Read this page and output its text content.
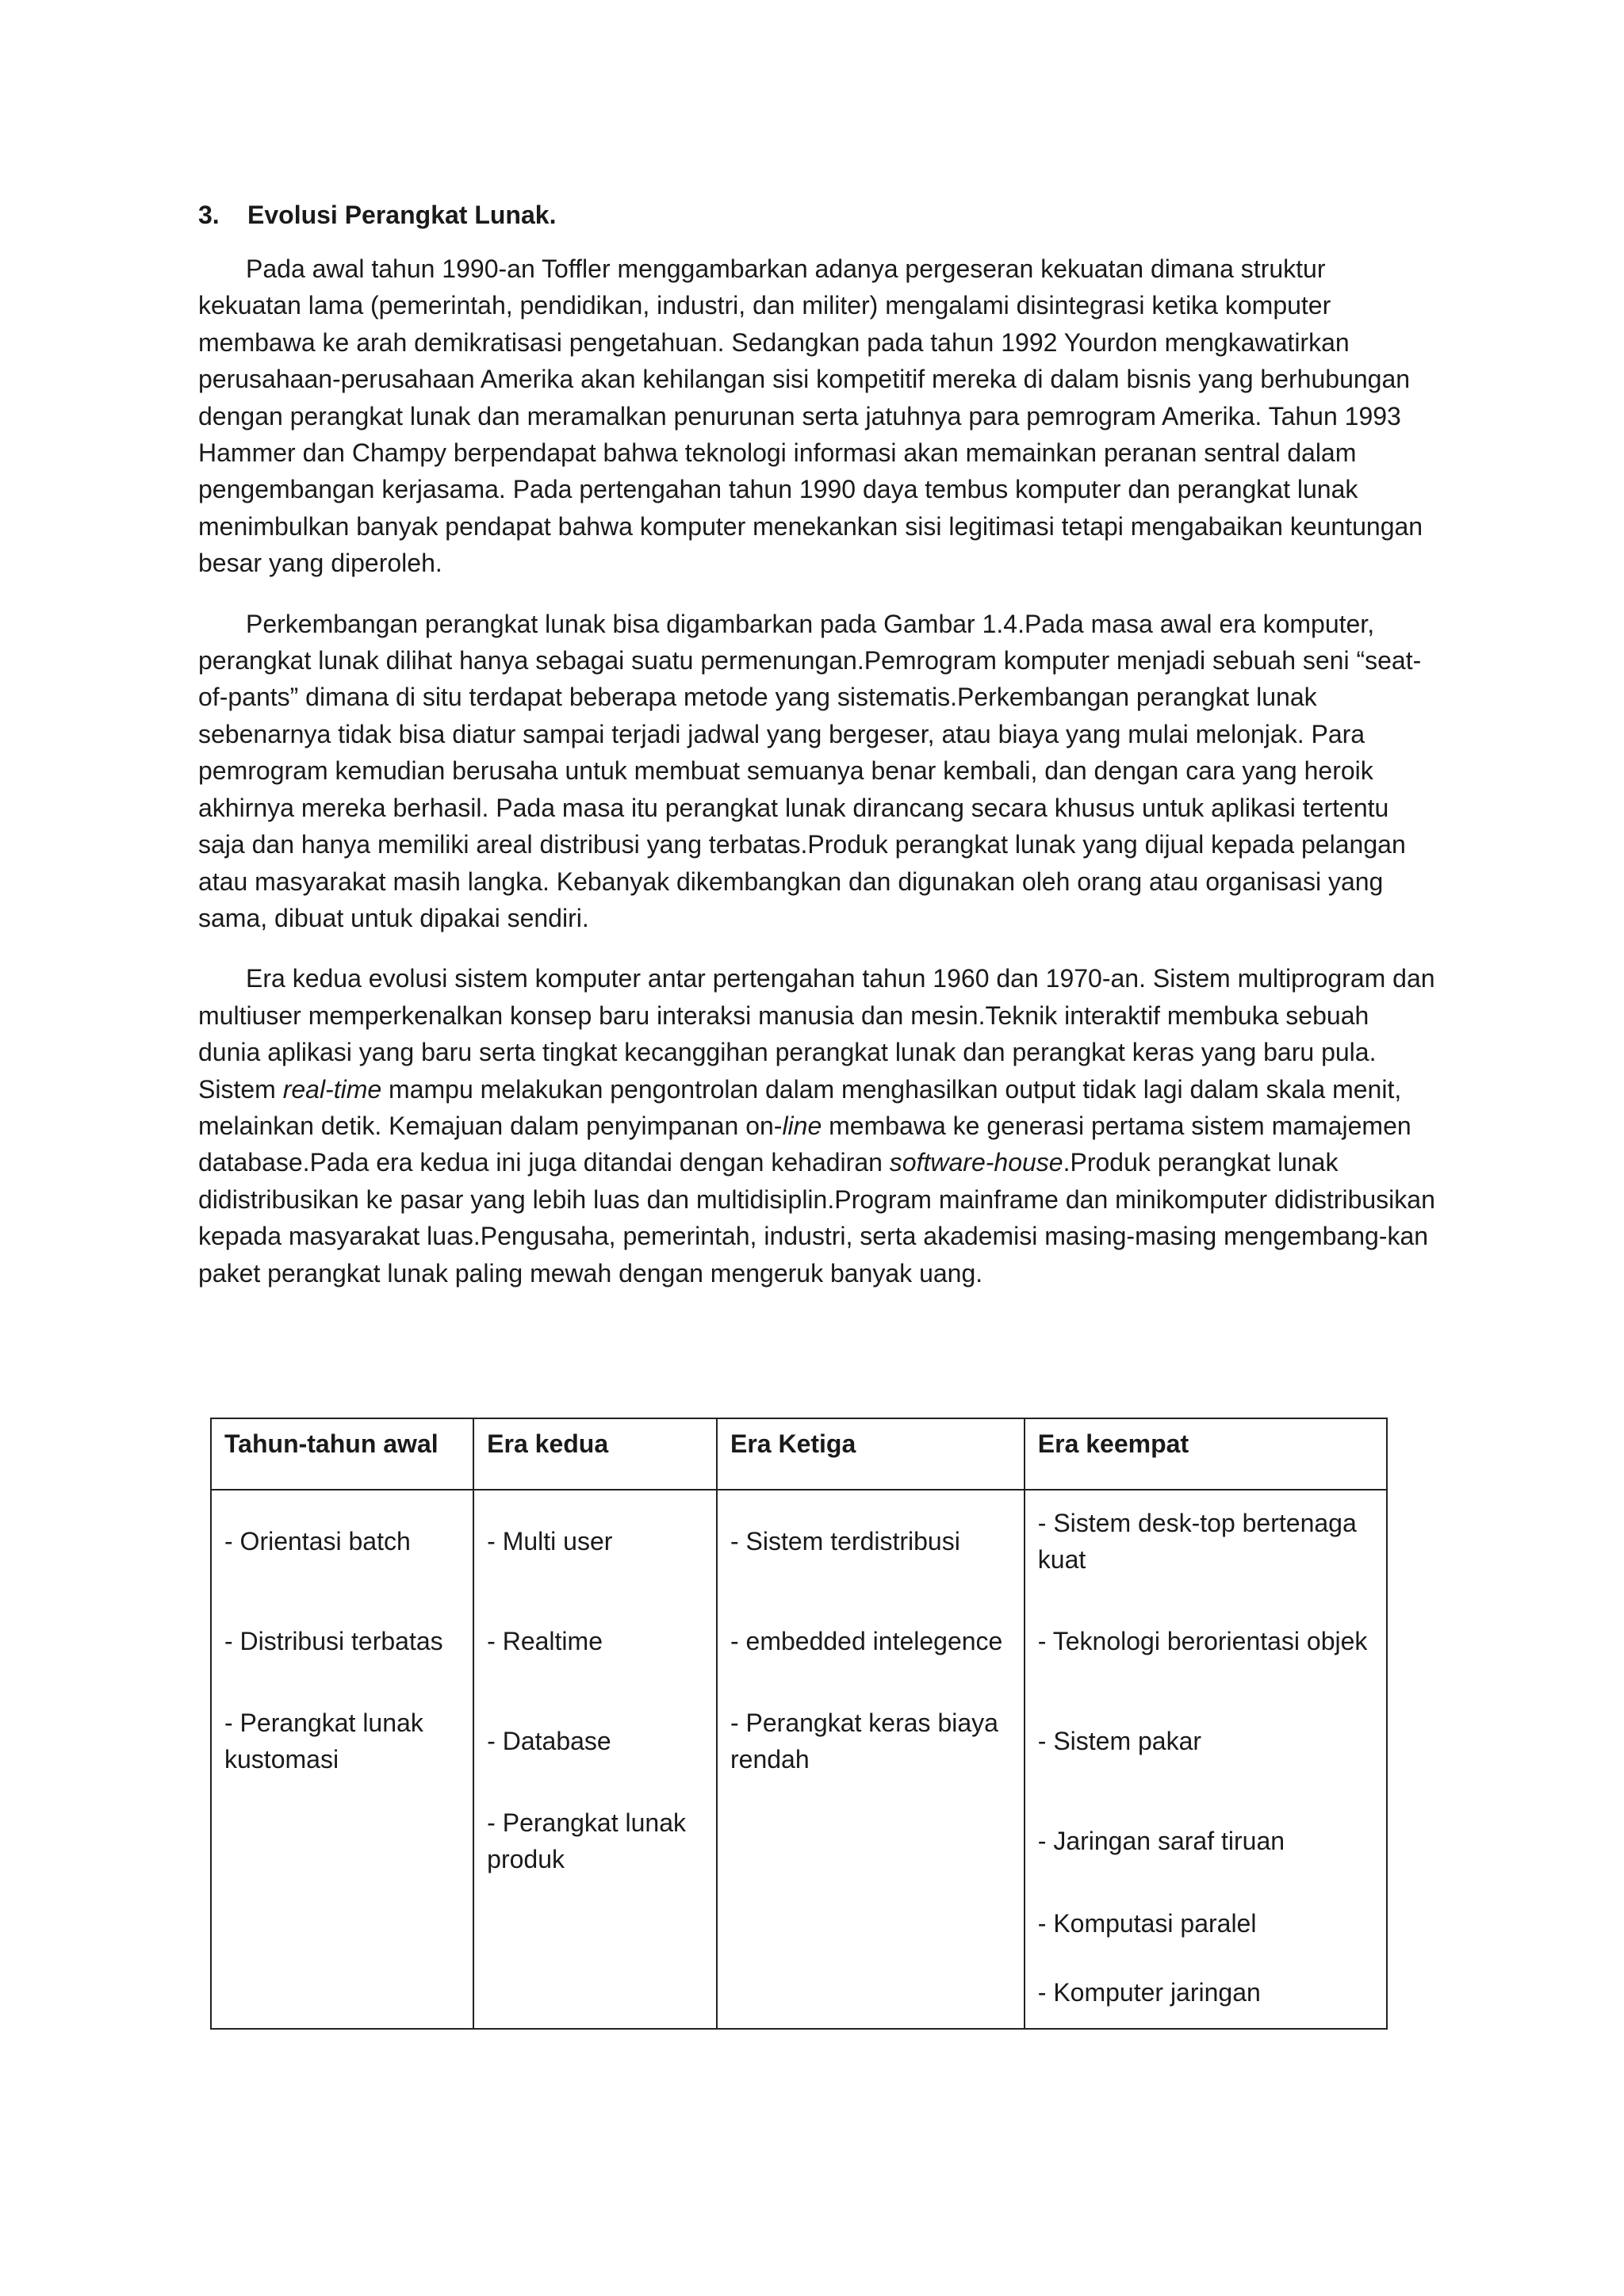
3.	Evolusi Perangkat Lunak.

Pada awal tahun 1990-an Toffler menggambarkan adanya pergeseran kekuatan dimana struktur kekuatan lama (pemerintah, pendidikan, industri, dan militer) mengalami disintegrasi ketika komputer membawa ke arah demikratisasi pengetahuan. Sedangkan pada tahun 1992 Yourdon mengkawatirkan perusahaan-perusahaan Amerika akan kehilangan sisi kompetitif mereka di dalam bisnis yang berhubungan dengan perangkat lunak dan meramalkan penurunan serta jatuhnya para pemrogram Amerika. Tahun 1993 Hammer dan Champy berpendapat bahwa teknologi informasi akan memainkan peranan sentral dalam pengembangan kerjasama. Pada pertengahan tahun 1990 daya tembus komputer dan perangkat lunak menimbulkan banyak pendapat bahwa komputer menekankan sisi legitimasi tetapi mengabaikan keuntungan besar yang diperoleh.

Perkembangan perangkat lunak bisa digambarkan pada Gambar 1.4.Pada masa awal era komputer, perangkat lunak dilihat hanya sebagai suatu permenungan.Pemrogram komputer menjadi sebuah seni “seat-of-pants” dimana di situ terdapat beberapa metode yang sistematis.Perkembangan perangkat lunak sebenarnya tidak bisa diatur sampai terjadi jadwal yang bergeser, atau biaya yang mulai melonjak. Para pemrogram kemudian berusaha untuk membuat semuanya benar kembali, dan dengan cara yang heroik akhirnya mereka berhasil. Pada masa itu perangkat lunak dirancang secara khusus untuk aplikasi tertentu saja dan hanya memiliki areal distribusi yang terbatas.Produk perangkat lunak yang dijual kepada pelangan atau masyarakat masih langka. Kebanyak dikembangkan dan digunakan oleh orang atau organisasi yang sama, dibuat untuk dipakai sendiri.

Era kedua evolusi sistem komputer antar pertengahan tahun 1960 dan 1970-an. Sistem multiprogram dan multiuser memperkenalkan konsep baru interaksi manusia dan mesin.Teknik interaktif membuka sebuah dunia aplikasi yang baru serta tingkat kecanggihan perangkat lunak dan perangkat keras yang baru pula. Sistem real-time mampu melakukan pengontrolan dalam menghasilkan output tidak lagi dalam skala menit, melainkan detik. Kemajuan dalam penyimpanan on-line membawa ke generasi pertama sistem mamajemen database.Pada era kedua ini juga ditandai dengan kehadiran software-house.Produk perangkat lunak didistribusikan ke pasar yang lebih luas dan multidisiplin.Program mainframe dan minikomputer didistribusikan kepada masyarakat luas.Pengusaha, pemerintah, industri, serta akademisi masing-masing mengembang-kan paket perangkat lunak paling mewah dengan mengeruk banyak uang.

Tahun-tahun awal	Era kedua	Era Ketiga	Era keempat
- Orientasi batch	- Multi user	- Sistem terdistribusi	- Sistem desk-top bertenaga kuat
- Distribusi terbatas	- Realtime	- embedded intelegence	- Teknologi berorientasi objek
- Perangkat lunak kustomasi	- Database	- Perangkat keras biaya rendah	- Sistem pakar
	- Perangkat lunak produk		- Jaringan saraf tiruan
			- Komputasi paralel
			- Komputer jaringan
